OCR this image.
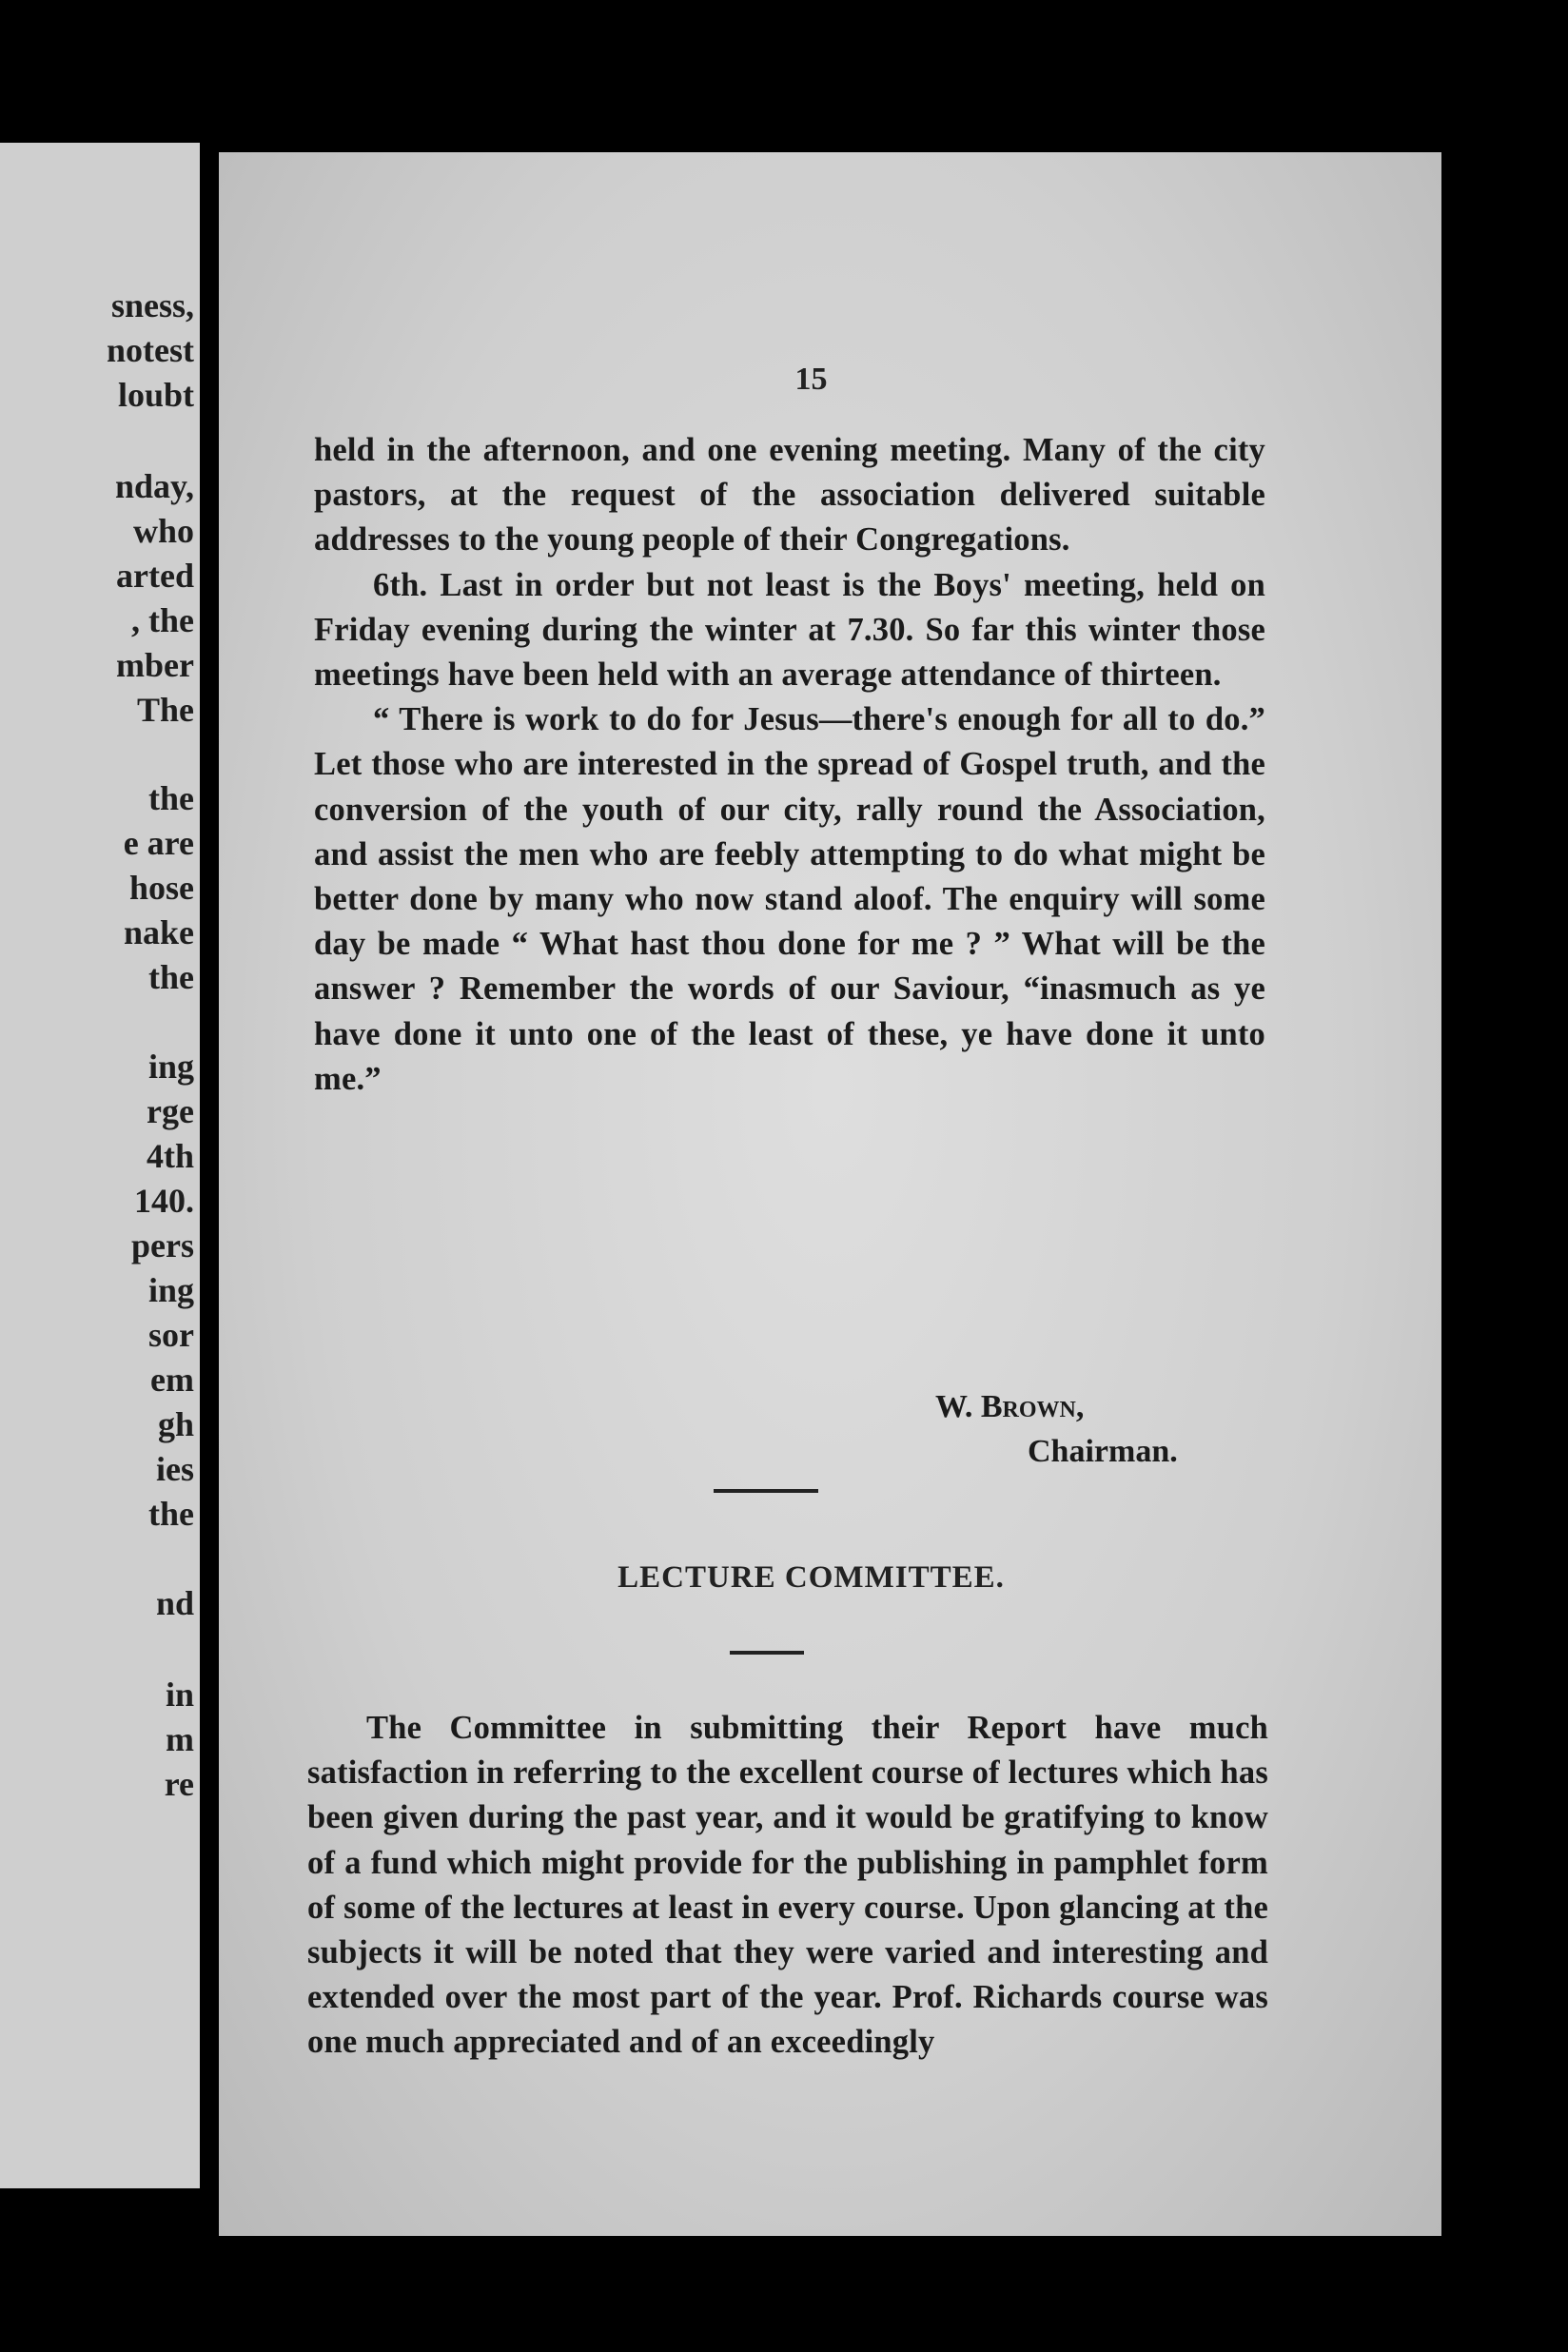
sness,
notest
loubt
nday,
who
arted
, the
mber
The
the
e are
hose
nake
the
ing
rge
4th
140.
pers
ing
sor
em
gh
ies
the
nd
in
m
re
15

held in the afternoon, and one evening meeting. Many of the city pastors, at the request of the association delivered suitable addresses to the young people of their Congregations.

6th. Last in order but not least is the Boys' meeting, held on Friday evening during the winter at 7.30. So far this winter those meetings have been held with an average attendance of thirteen.

“ There is work to do for Jesus—there's enough for all to do.” Let those who are interested in the spread of Gospel truth, and the conversion of the youth of our city, rally round the Association, and assist the men who are feebly attempting to do what might be better done by many who now stand aloof. The enquiry will some day be made “ What hast thou done for me ? ” What will be the answer ? Remember the words of our Saviour, “inasmuch as ye have done it unto one of the least of these, ye have done it unto me.”

W. Brown,
Chairman.
LECTURE COMMITTEE.

The Committee in submitting their Report have much satisfaction in referring to the excellent course of lectures which has been given during the past year, and it would be gratifying to know of a fund which might provide for the publishing in pamphlet form of some of the lectures at least in every course. Upon glancing at the subjects it will be noted that they were varied and interesting and extended over the most part of the year. Prof. Richards course was one much appreciated and of an exceedingly
